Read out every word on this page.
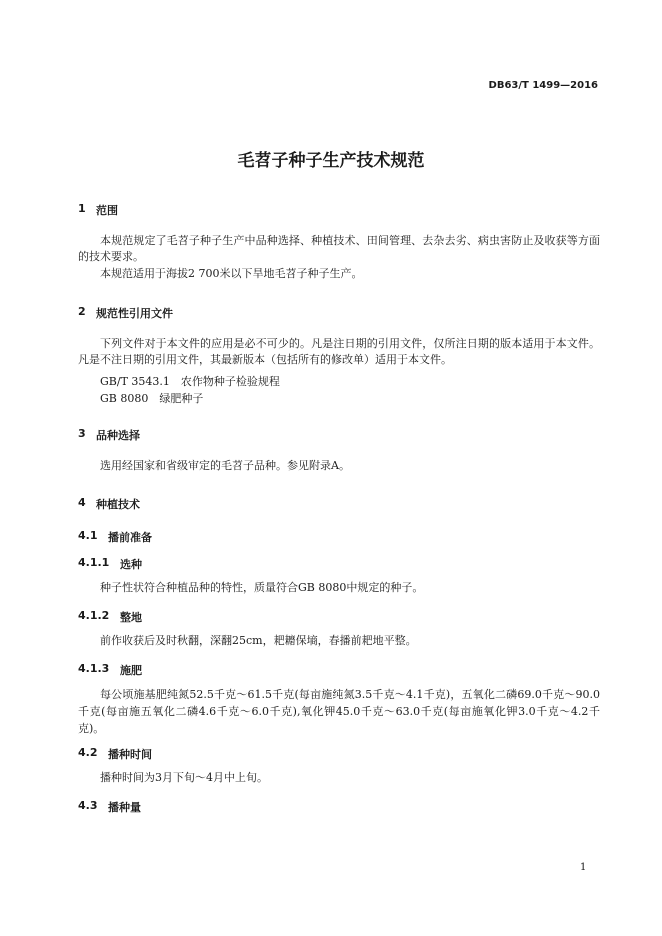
DB63/T 1499—2016
毛苕子种子生产技术规范
1 范围
本规范规定了毛苕子种子生产中品种选择、种植技术、田间管理、去杂去劣、病虫害防止及收获等方面的技术要求。
本规范适用于海拔2 700米以下旱地毛苕子种子生产。
2 规范性引用文件
下列文件对于本文件的应用是必不可少的。凡是注日期的引用文件，仅所注日期的版本适用于本文件。凡是不注日期的引用文件，其最新版本（包括所有的修改单）适用于本文件。
GB/T 3543.1　农作物种子检验规程
GB 8080　绿肥种子
3 品种选择
选用经国家和省级审定的毛苕子品种。参见附录A。
4 种植技术
4.1 播前准备
4.1.1 选种
种子性状符合种植品种的特性，质量符合GB 8080中规定的种子。
4.1.2 整地
前作收获后及时秋翻，深翻25cm，耙耱保墒，春播前耙地平整。
4.1.3 施肥
每公顷施基肥纯氮52.5千克～61.5千克(每亩施纯氮3.5千克～4.1千克)，五氧化二磷69.0千克～90.0千克(每亩施五氧化二磷4.6千克～6.0千克),氧化钾45.0千克～63.0千克(每亩施氧化钾3.0千克～4.2千克)。
4.2 播种时间
播种时间为3月下旬～4月中上旬。
4.3 播种量
1
